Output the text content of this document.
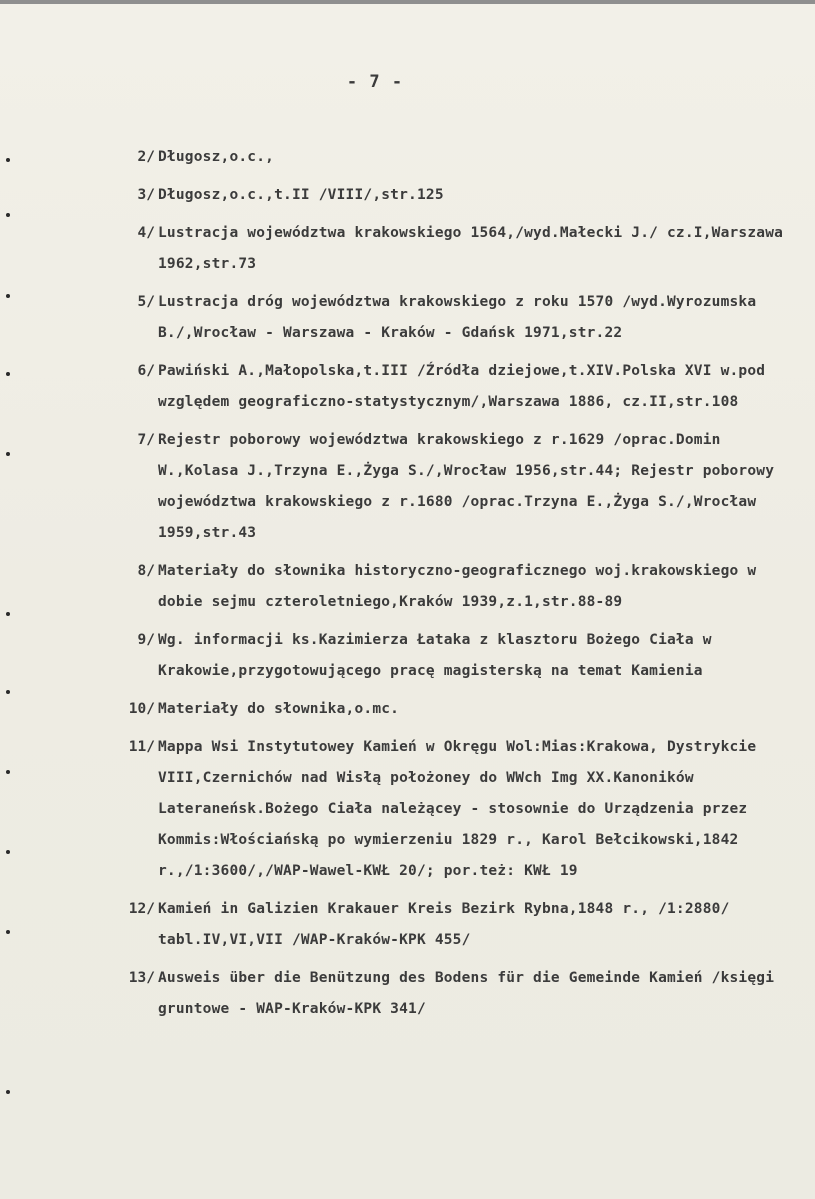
- 7 -
2/ Długosz,o.c.,
3/ Długosz,o.c.,t.II /VIII/,str.125
4/ Lustracja województwa krakowskiego 1564,/wyd.Małecki J./ cz.I,Warszawa 1962,str.73
5/ Lustracja dróg województwa krakowskiego z roku 1570 /wyd.Wyrozumska B./,Wrocław - Warszawa - Kraków - Gdańsk 1971,str.22
6/ Pawiński A.,Małopolska,t.III /Źródła dziejowe,t.XIV.Polska XVI w.pod względem geograficzno-statystycznym/,Warszawa 1886, cz.II,str.108
7/ Rejestr poborowy województwa krakowskiego z r.1629 /oprac.Domin W.,Kolasa J.,Trzyna E.,Żyga S./,Wrocław 1956,str.44; Rejestr poborowy województwa krakowskiego z r.1680 /oprac.Trzyna E.,Żyga S./,Wrocław 1959,str.43
8/ Materiały do słownika historyczno-geograficznego woj.krakowskiego w dobie sejmu czteroletniego,Kraków 1939,z.1,str.88-89
9/ Wg. informacji ks.Kazimierza Łataka z klasztoru Bożego Ciała w Krakowie,przygotowującego pracę magisterską na temat Kamienia
10/ Materiały do słownika,o.mc.
11/ Mappa Wsi Instytutowey Kamień w Okręgu Wol:Mias:Krakowa, Dystrykcie VIII,Czernichów nad Wisłą położoney do WWch Img XX.Kanoników Lateraneńsk.Bożego Ciała należącey - stosownie do Urządzenia przez Kommis:Włościańską po wymierzeniu 1829 r., Karol Bełcikowski,1842 r.,/1:3600/,/WAP-Wawel-KWŁ 20/; por.też: KWŁ 19
12/ Kamień in Galizien Krakauer Kreis Bezirk Rybna,1848 r., /1:2880/ tabl.IV,VI,VII /WAP-Kraków-KPK 455/
13/ Ausweis über die Benützung des Bodens für die Gemeinde Kamień /księgi gruntowe - WAP-Kraków-KPK 341/
